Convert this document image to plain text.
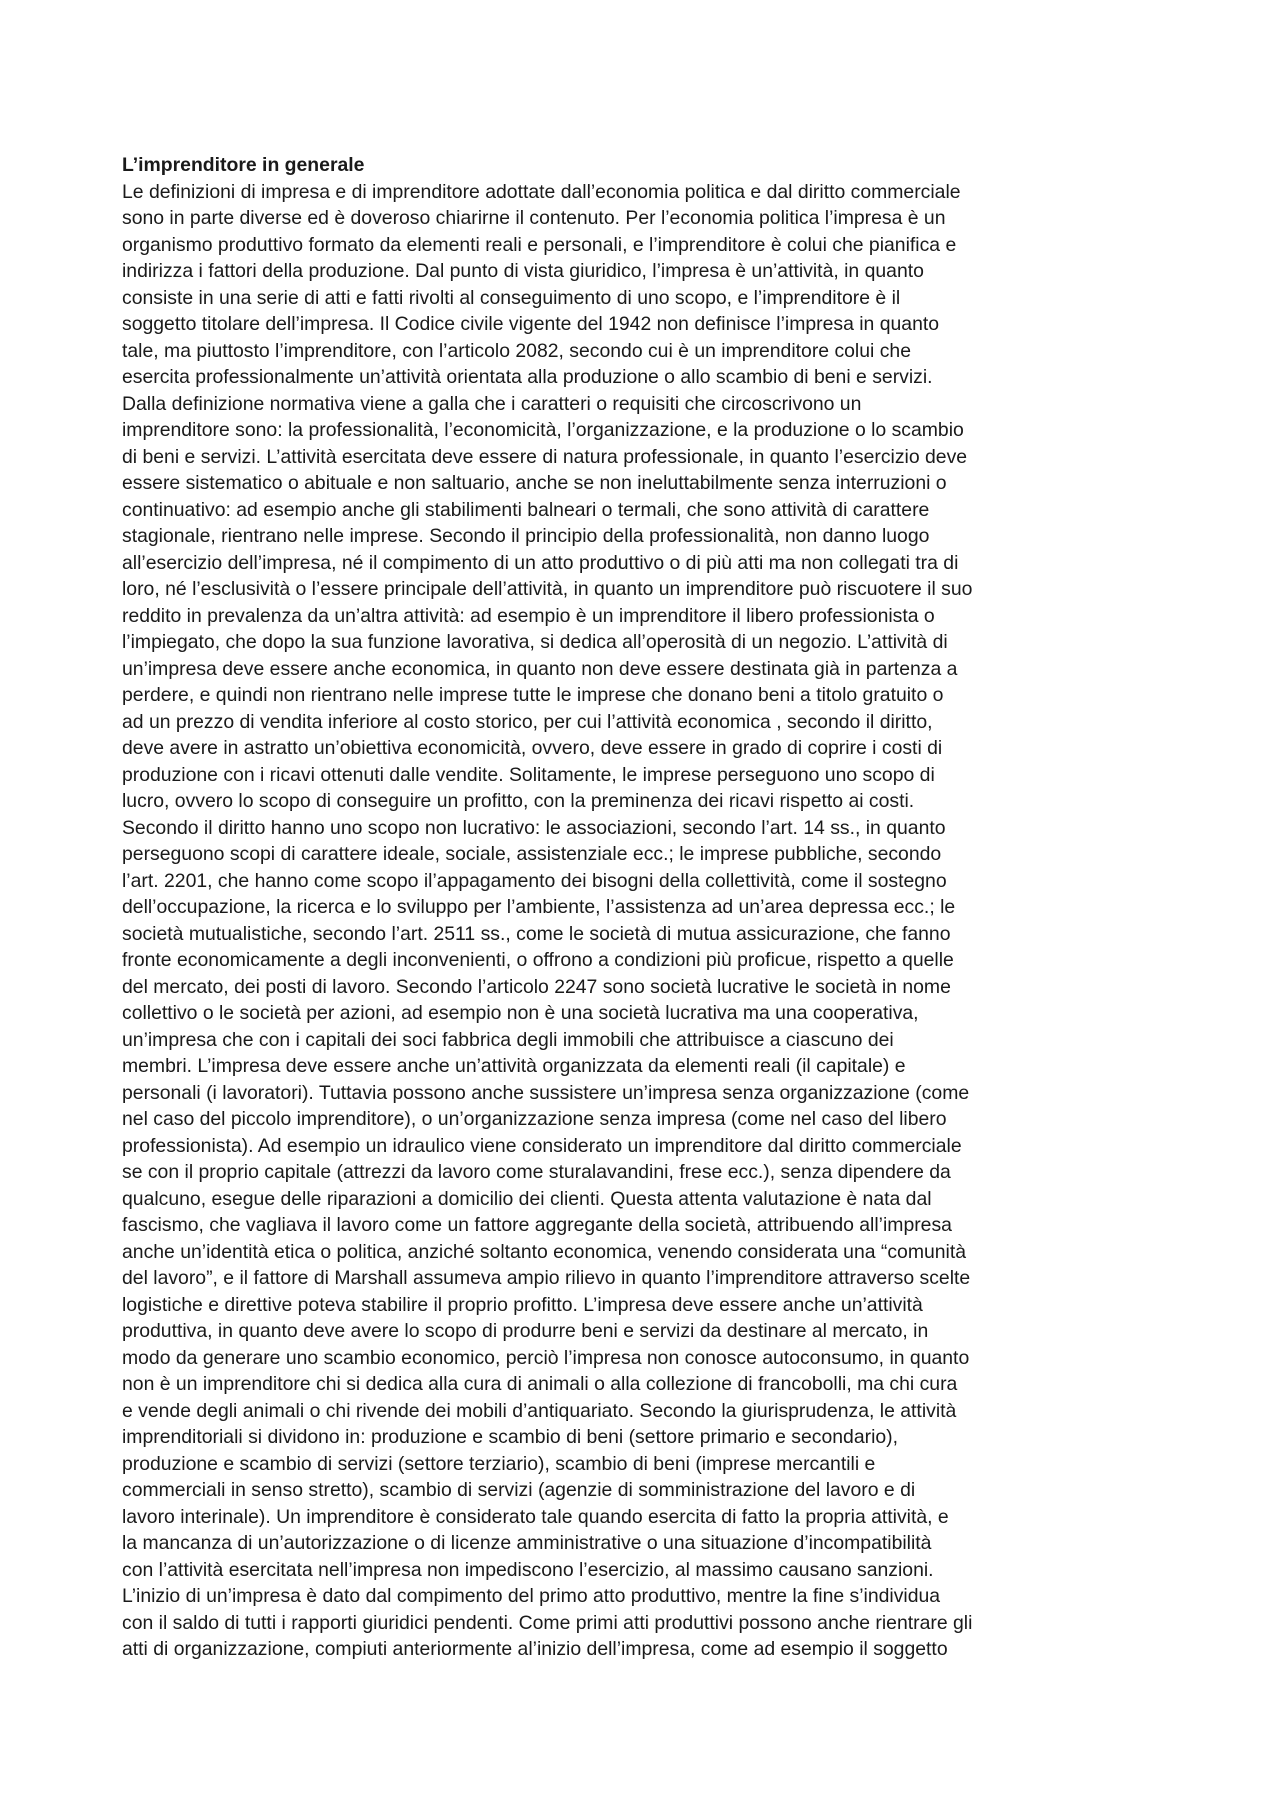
L’imprenditore in generale
Le definizioni di impresa e di imprenditore adottate dall’economia politica e dal diritto commerciale
sono in parte diverse ed è doveroso chiarirne il contenuto. Per l’economia politica l’impresa è un
organismo produttivo formato da elementi reali e personali, e l’imprenditore è colui che pianifica e
indirizza i fattori della produzione. Dal punto di vista giuridico, l’impresa è un’attività, in quanto
consiste in una serie di atti e fatti rivolti al conseguimento di uno scopo, e l’imprenditore è il
soggetto titolare dell’impresa. Il Codice civile vigente del 1942 non definisce l’impresa in quanto
tale, ma piuttosto l’imprenditore, con l’articolo 2082, secondo cui è un imprenditore colui che
esercita professionalmente un’attività orientata alla produzione o allo scambio di beni e servizi.
Dalla definizione normativa viene a galla che i caratteri o requisiti che circoscrivono un
imprenditore sono: la professionalità, l’economicità, l’organizzazione, e la produzione o lo scambio
di beni e servizi. L’attività esercitata deve essere di natura professionale, in quanto l’esercizio deve
essere sistematico o abituale e non saltuario, anche se non ineluttabilmente senza interruzioni o
continuativo: ad esempio anche gli stabilimenti balneari o termali, che sono attività di carattere
stagionale, rientrano nelle imprese. Secondo il principio della professionalità, non danno luogo
all’esercizio dell’impresa, né il compimento di un atto produttivo o di più atti ma non collegati tra di
loro, né l’esclusività o l’essere principale dell’attività, in quanto un imprenditore può riscuotere il suo
reddito in prevalenza da un’altra attività: ad esempio è un imprenditore il libero professionista o
l’impiegato, che dopo la sua funzione lavorativa, si dedica all’operosità di un negozio. L’attività di
un’impresa deve essere anche economica, in quanto non deve essere destinata già in partenza a
perdere, e quindi non rientrano nelle imprese tutte le imprese che donano beni a titolo gratuito o
ad un prezzo di vendita inferiore al costo storico, per cui l’attività economica , secondo il diritto,
deve avere in astratto un’obiettiva economicità, ovvero, deve essere in grado di coprire i costi di
produzione con i ricavi ottenuti dalle vendite. Solitamente, le imprese perseguono uno scopo di
lucro, ovvero lo scopo di conseguire un profitto, con la preminenza dei ricavi rispetto ai costi.
Secondo il diritto hanno uno scopo non lucrativo: le associazioni, secondo l’art. 14 ss., in quanto
perseguono scopi di carattere ideale, sociale, assistenziale ecc.; le imprese pubbliche, secondo
l’art. 2201, che hanno come scopo il’appagamento dei bisogni della collettività, come il sostegno
dell’occupazione, la ricerca e lo sviluppo per l’ambiente, l’assistenza ad un’area depressa ecc.; le
società mutualistiche, secondo l’art. 2511 ss., come le società di mutua assicurazione, che fanno
fronte economicamente a degli inconvenienti, o offrono a condizioni più proficue, rispetto a quelle
del mercato, dei posti di lavoro. Secondo l’articolo 2247 sono società lucrative le società in nome
collettivo o le società per azioni, ad esempio non è una società lucrativa ma una cooperativa,
un’impresa che con i capitali dei soci fabbrica degli immobili che attribuisce a ciascuno dei
membri. L’impresa deve essere anche un’attività organizzata da elementi reali (il capitale) e
personali (i lavoratori). Tuttavia possono anche sussistere un’impresa senza organizzazione (come
nel caso del piccolo imprenditore), o un’organizzazione senza impresa (come nel caso del libero
professionista). Ad esempio un idraulico viene considerato un imprenditore dal diritto commerciale
se con il proprio capitale (attrezzi da lavoro come sturalavandini, frese ecc.), senza dipendere da
qualcuno, esegue delle riparazioni a domicilio dei clienti. Questa attenta valutazione è nata dal
fascismo, che vagliava il lavoro come un fattore aggregante della società, attribuendo all’impresa
anche un’identità etica o politica, anziché soltanto economica, venendo considerata una “comunità
del lavoro”, e il fattore di Marshall assumeva ampio rilievo in quanto l’imprenditore attraverso scelte
logistiche e direttive poteva stabilire il proprio profitto. L’impresa deve essere anche un’attività
produttiva, in quanto deve avere lo scopo di produrre beni e servizi da destinare al mercato, in
modo da generare uno scambio economico, perciò l’impresa non conosce autoconsumo, in quanto
non è un imprenditore chi si dedica alla cura di animali o alla collezione di francobolli, ma chi cura
e vende degli animali o chi rivende dei mobili d’antiquariato. Secondo la giurisprudenza, le attività
imprenditoriali si dividono in: produzione e scambio di beni (settore primario e secondario),
produzione e scambio di servizi (settore terziario), scambio di beni (imprese mercantili e
commerciali in senso stretto), scambio di servizi (agenzie di somministrazione del lavoro e di
lavoro interinale). Un imprenditore è considerato tale quando esercita di fatto la propria attività, e
la mancanza di un’autorizzazione o di licenze amministrative o una situazione d’incompatibilità
con l’attività esercitata nell’impresa non impediscono l’esercizio, al massimo causano sanzioni.
L’inizio di un’impresa è dato dal compimento del primo atto produttivo, mentre la fine s’individua
con il saldo di tutti i rapporti giuridici pendenti. Come primi atti produttivi possono anche rientrare gli
atti di organizzazione, compiuti anteriormente al’inizio dell’impresa, come ad esempio il soggetto
